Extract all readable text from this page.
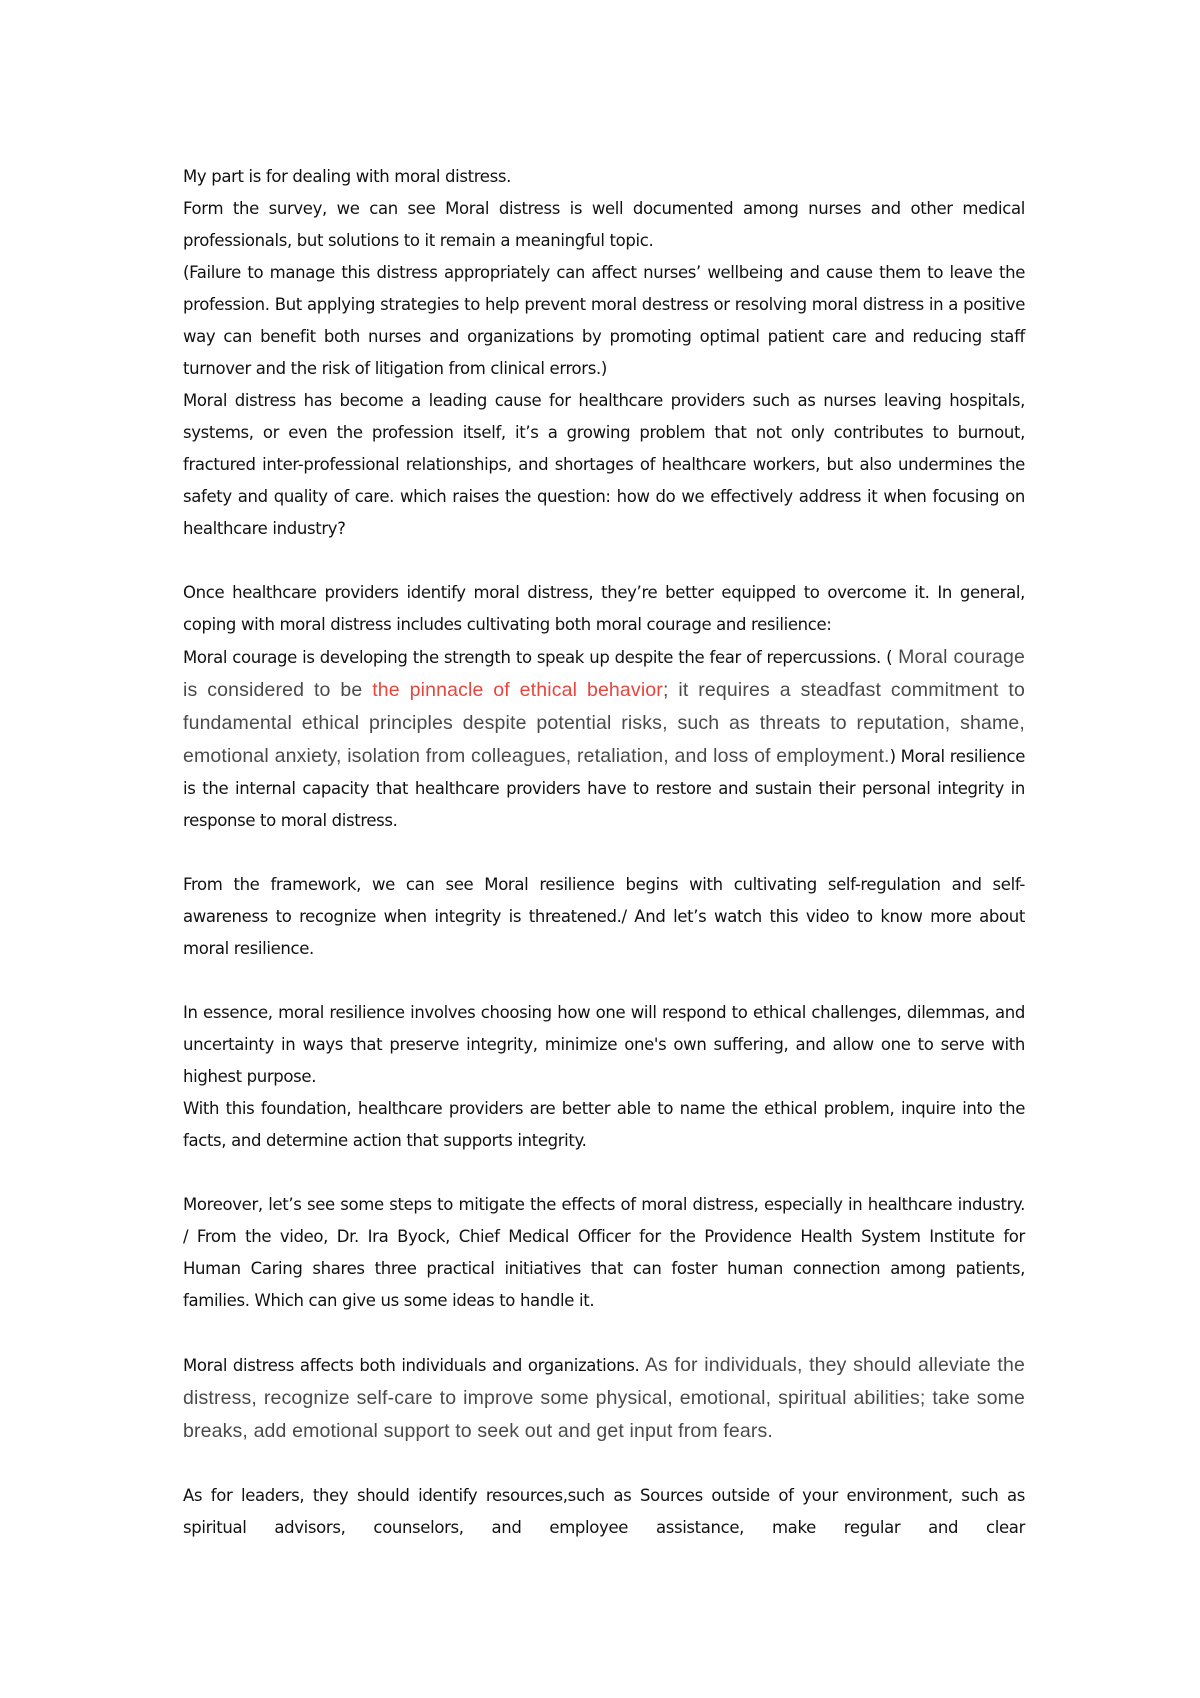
My part is for dealing with moral distress.

Form the survey, we can see Moral distress is well documented among nurses and other medical professionals, but solutions to it remain a meaningful topic.

(Failure to manage this distress appropriately can affect nurses’ wellbeing and cause them to leave the profession. But applying strategies to help prevent moral destress or resolving moral distress in a positive way can benefit both nurses and organizations by promoting optimal patient care and reducing staff turnover and the risk of litigation from clinical errors.)

Moral distress has become a leading cause for healthcare providers such as nurses leaving hospitals, systems, or even the profession itself, it’s a growing problem that not only contributes to burnout, fractured inter-professional relationships, and shortages of healthcare workers, but also undermines the safety and quality of care. which raises the question: how do we effectively address it when focusing on healthcare industry?

Once healthcare providers identify moral distress, they’re better equipped to overcome it. In general, coping with moral distress includes cultivating both moral courage and resilience:

Moral courage is developing the strength to speak up despite the fear of repercussions. ( Moral courage is considered to be the pinnacle of ethical behavior; it requires a steadfast commitment to fundamental ethical principles despite potential risks, such as threats to reputation, shame, emotional anxiety, isolation from colleagues, retaliation, and loss of employment.) Moral resilience is the internal capacity that healthcare providers have to restore and sustain their personal integrity in response to moral distress.

From the framework, we can see Moral resilience begins with cultivating self-regulation and self-awareness to recognize when integrity is threatened./ And let’s watch this video to know more about moral resilience.

In essence, moral resilience involves choosing how one will respond to ethical challenges, dilemmas, and uncertainty in ways that preserve integrity, minimize one's own suffering, and allow one to serve with highest purpose.

With this foundation, healthcare providers are better able to name the ethical problem, inquire into the facts, and determine action that supports integrity.

Moreover, let’s see some steps to mitigate the effects of moral distress, especially in healthcare industry. / From the video, Dr. Ira Byock, Chief Medical Officer for the Providence Health System Institute for Human Caring shares three practical initiatives that can foster human connection among patients, families. Which can give us some ideas to handle it.

Moral distress affects both individuals and organizations. As for individuals, they should alleviate the distress, recognize self-care to improve some physical, emotional, spiritual abilities; take some breaks, add emotional support to seek out and get input from fears.

As for leaders, they should identify resources,such as Sources outside of your environment, such as spiritual advisors, counselors, and employee assistance, make regular and clear
